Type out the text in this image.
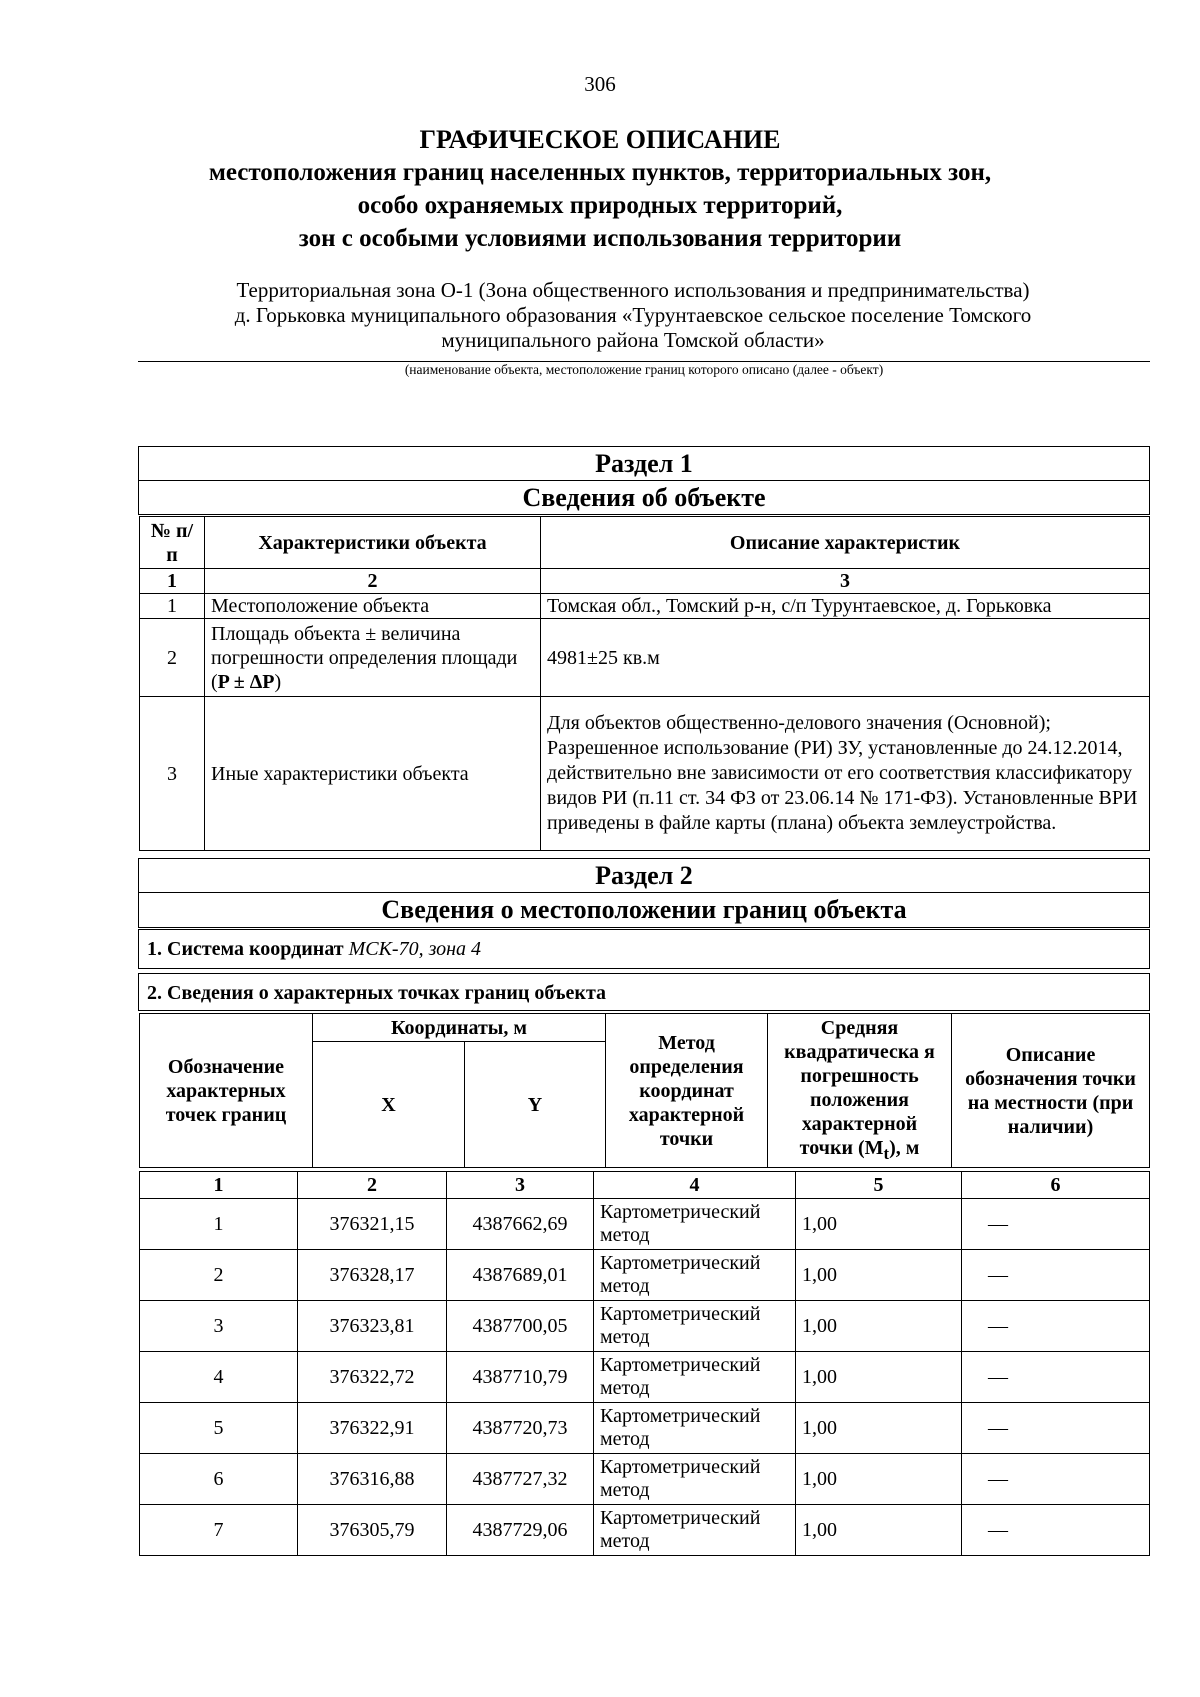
306
ГРАФИЧЕСКОЕ ОПИСАНИЕ
местоположения границ населенных пунктов, территориальных зон,
особо охраняемых природных территорий,
зон с особыми условиями использования территории
Территориальная зона О-1 (Зона общественного использования и предпринимательства)
д. Горьковка муниципального образования «Турунтаевское сельское поселение Томского
муниципального района Томской области»
(наименование объекта, местоположение границ которого описано (далее - объект)
Раздел 1
Сведения об объекте
№ п/п	Характеристики объекта	Описание характеристик
1	2	3
1	Местоположение объекта	Томская обл., Томский р-н, с/п Турунтаевское, д. Горьковка
2	Площадь объекта ± величина погрешности определения площади (P ± ΔP)	4981±25 кв.м
3	Иные характеристики объекта	Для объектов общественно-делового значения (Основной); Разрешенное использование (РИ) ЗУ, установленные до 24.12.2014, действительно вне зависимости от его соответствия классификатору видов РИ (п.11 ст. 34 ФЗ от 23.06.14 № 171-ФЗ). Установленные ВРИ приведены в файле карты (плана) объекта землеустройства.
Раздел 2
Сведения о местоположении границ объекта
1. Система координат МСК-70, зона 4
2. Сведения о характерных точках границ объекта
Обозначение характерных точек границ	Координаты, м		Метод определения координат характерной точки	Средняя квадратическа я погрешность положения характерной точки $(M_t)$, м	Описание обозначения точки на местности (при наличии)
	X	Y			
1	2	3	4	5	6
1	376321,15	4387662,69	Картометрический метод	1,00	—
2	376328,17	4387689,01	Картометрический метод	1,00	—
3	376323,81	4387700,05	Картометрический метод	1,00	—
4	376322,72	4387710,79	Картометрический метод	1,00	—
5	376322,91	4387720,73	Картометрический метод	1,00	—
6	376316,88	4387727,32	Картометрический метод	1,00	—
7	376305,79	4387729,06	Картометрический метод	1,00	—
